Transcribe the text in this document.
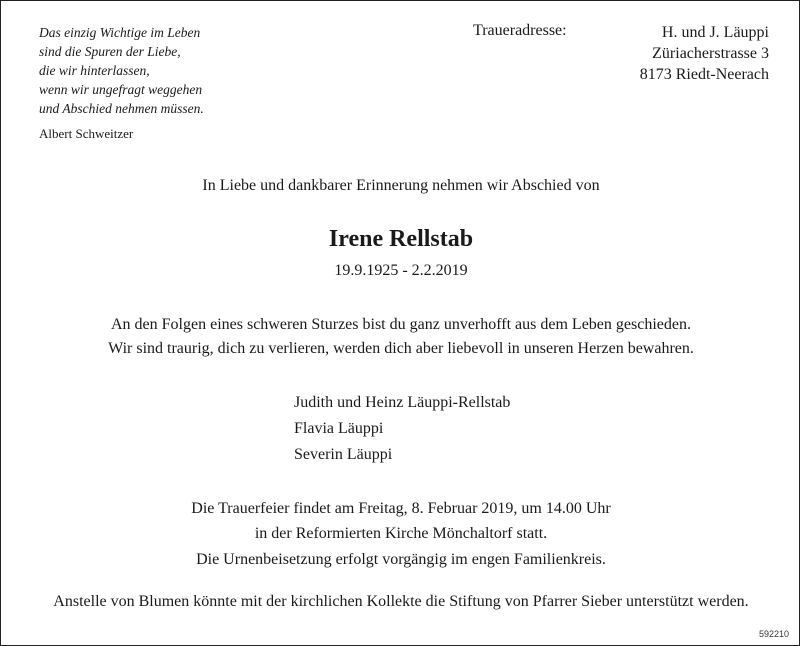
Das einzig Wichtige im Leben
sind die Spuren der Liebe,
die wir hinterlassen,
wenn wir ungefragt weggehen
und Abschied nehmen müssen.
Albert Schweitzer
Traueradresse:	H. und J. Läuppi
Züriacherstrasse 3
8173 Riedt-Neerach
In Liebe und dankbarer Erinnerung nehmen wir Abschied von
Irene Rellstab
19.9.1925 - 2.2.2019
An den Folgen eines schweren Sturzes bist du ganz unverhofft aus dem Leben geschieden.
Wir sind traurig, dich zu verlieren, werden dich aber liebevoll in unseren Herzen bewahren.
Judith und Heinz Läuppi-Rellstab
Flavia Läuppi
Severin Läuppi
Die Trauerfeier findet am Freitag, 8. Februar 2019, um 14.00 Uhr
in der Reformierten Kirche Mönchaltorf statt.
Die Urnenbeisetzung erfolgt vorgängig im engen Familienkreis.
Anstelle von Blumen könnte mit der kirchlichen Kollekte die Stiftung von Pfarrer Sieber unterstützt werden.
592210
